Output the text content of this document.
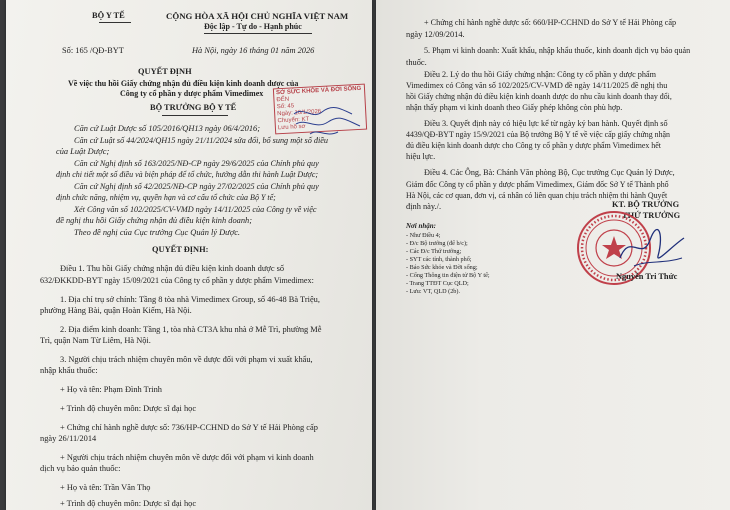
BỘ Y TẾ	CỘNG HÒA XÃ HỘI CHỦ NGHĨA VIỆT NAM
Độc lập - Tự do - Hạnh phúc
Số: 165 /QĐ-BYT	Hà Nội, ngày 16 tháng 01 năm 2026
QUYẾT ĐỊNH
Về việc thu hồi Giấy chứng nhận đủ điều kiện kinh doanh dược của
Công ty cổ phần y dược phẩm Vimedimex
BỘ TRƯỞNG BỘ Y TẾ
SỞ SỨC KHỎE VÀ ĐỜI SỐNG
ĐẾN
Số: 45
Ngày: 16/1/2026
Chuyển: KT
Lưu hồ sơ
Căn cứ Luật Dược số 105/2016/QH13 ngày 06/4/2016;
Căn cứ Luật số 44/2024/QH15 ngày 21/11/2024 sửa đổi, bổ sung một số điều
của Luật Dược;
Căn cứ Nghị định số 163/2025/NĐ-CP ngày 29/6/2025 của Chính phủ quy
định chi tiết một số điều và biện pháp để tổ chức, hướng dẫn thi hành Luật Dược;
Căn cứ Nghị định số 42/2025/NĐ-CP ngày 27/02/2025 của Chính phủ quy
định chức năng, nhiệm vụ, quyền hạn và cơ cấu tổ chức của Bộ Y tế;
Xét Công văn số 102/2025/CV-VMD ngày 14/11/2025 của Công ty về việc
đề nghị thu hồi Giấy chứng nhận đủ điều kiện kinh doanh;
Theo đề nghị của Cục trưởng Cục Quản lý Dược.
QUYẾT ĐỊNH:
Điều 1. Thu hồi Giấy chứng nhận đủ điều kiện kinh doanh dược số
632/ĐKKDD-BYT ngày 15/09/2021 của Công ty cổ phần y dược phẩm Vimedimex:
1. Địa chỉ trụ sở chính: Tầng 8 tòa nhà Vimedimex Group, số 46-48 Bà Triệu,
phường Hàng Bài, quận Hoàn Kiếm, Hà Nội.
2. Địa điểm kinh doanh: Tầng 1, tòa nhà CT3A khu nhà ở Mễ Trì, phường Mễ
Trì, quận Nam Từ Liêm, Hà Nội.
3. Người chịu trách nhiệm chuyên môn về dược đối với phạm vi xuất khẩu,
nhập khẩu thuốc:
+ Họ và tên: Phạm Đình Trinh
+ Trình độ chuyên môn: Dược sĩ đại học
+ Chứng chỉ hành nghề dược số: 736/HP-CCHND do Sở Y tế Hải Phòng cấp
ngày 26/11/2014
+ Người chịu trách nhiệm chuyên môn về dược đối với phạm vi kinh doanh
dịch vụ bảo quản thuốc:
+ Họ và tên: Trần Văn Thọ
+ Trình độ chuyên môn: Dược sĩ đại học
+ Chứng chỉ hành nghề dược số: 660/HP-CCHND do Sở Y tế Hải Phòng cấp
ngày 12/09/2014.
5. Phạm vi kinh doanh: Xuất khẩu, nhập khẩu thuốc, kinh doanh dịch vụ bảo quản
thuốc.
Điều 2. Lý do thu hồi Giấy chứng nhận: Công ty cổ phần y dược phẩm
Vimedimex có Công văn số 102/2025/CV-VMD đề ngày 14/11/2025 đề nghị thu
hồi Giấy chứng nhận đủ điều kiện kinh doanh dược do nhu cầu kinh doanh thay đổi,
nhận thấy phạm vi kinh doanh theo Giấy phép không còn phù hợp.
Điều 3. Quyết định này có hiệu lực kể từ ngày ký ban hành. Quyết định số
4439/QĐ-BYT ngày 15/9/2021 của Bộ trưởng Bộ Y tế về việc cấp giấy chứng nhận
đủ điều kiện kinh doanh dược cho Công ty cổ phần y dược phẩm Vimedimex hết
hiệu lực.
Điều 4. Các Ông, Bà: Chánh Văn phòng Bộ, Cục trưởng Cục Quản lý Dược,
Giám đốc Công ty cổ phần y dược phẩm Vimedimex, Giám đốc Sở Y tế Thành phố
Hà Nội, các cơ quan, đơn vị, cá nhân có liên quan chịu trách nhiệm thi hành Quyết
định này./.
Nơi nhận:
- Như Điều 4;
- Đ/c Bộ trưởng (để b/c);
- Các Đ/c Thứ trưởng;
- SYT các tỉnh, thành phố;
- Báo Sức khỏe và Đời sống;
- Cổng Thông tin điện tử Bộ Y tế;
- Trang TTĐT Cục QLD;
- Lưu: VT, QLD (2b).
KT. BỘ TRƯỞNG
THỨ TRƯỞNG
Nguyễn Tri Thức
